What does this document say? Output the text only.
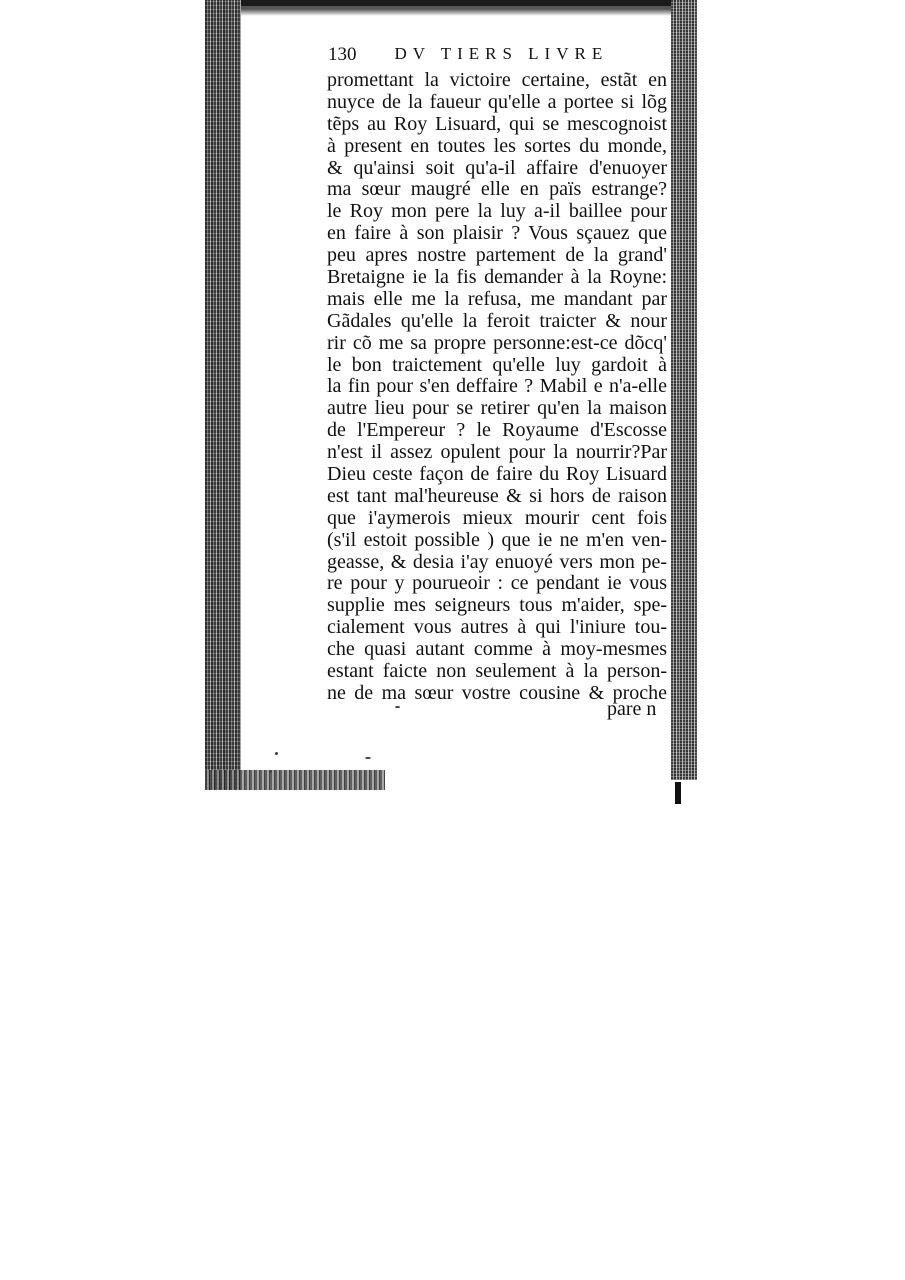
130 DV TIERS LIVRE
promettant la victoire certaine, estãt en
nuyce de la faueur qu'elle a portee si lõg
tẽps au Roy Lisuard, qui se mescognoist
à present en toutes les sortes du monde,
& qu'ainsi soit qu'a-il affaire d'enuoyer
ma sœur maugré elle en païs estrange?
le Roy mon pere la luy a-il baillee pour
en faire à son plaisir ? Vous sçauez que
peu apres nostre partement de la grand'
Bretaigne ie la fis demander à la Royne:
mais elle me la refusa, me mandant par
Gãdales qu'elle la feroit traicter & nour
rir cõ me sa propre personne:est-ce dõcq'
le bon traictement qu'elle luy gardoit à
la fin pour s'en deffaire ? Mabil e n'a-elle
autre lieu pour se retirer qu'en la maison
de l'Empereur ? le Royaume d'Escosse
n'est il assez opulent pour la nourrir?Par
Dieu ceste façon de faire du Roy Lisuard
est tant mal'heureuse & si hors de raison
que i'aymerois mieux mourir cent fois
(s'il estoit possible ) que ie ne m'en ven-
geasse, & desia i'ay enuoyé vers mon pe-
re pour y pourueoir : ce pendant ie vous
supplie mes seigneurs tous m'aider, spe-
cialement vous autres à qui l'iniure tou-
che quasi autant comme à moy-mesmes
estant faicte non seulement à la person-
ne de ma sœur vostre cousine & proche
pare n
